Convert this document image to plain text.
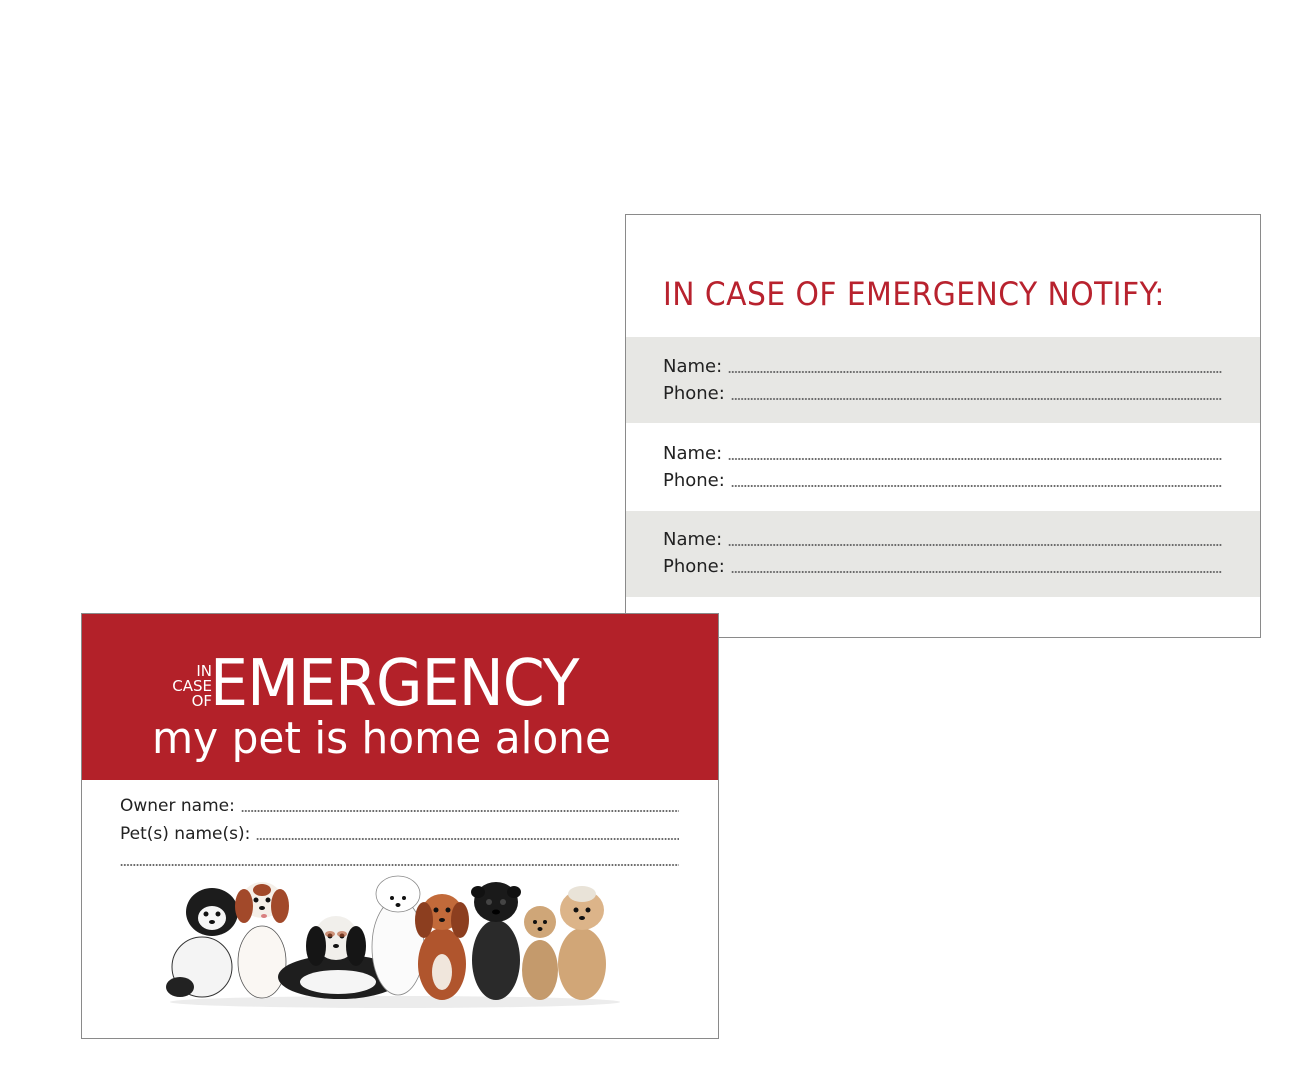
IN CASE OF EMERGENCY NOTIFY:
Name:
Phone:
Name:
Phone:
Name:
Phone:
IN
CASE
OF
EMERGENCY
my pet is home alone
Owner name:
Pet(s) name(s):
